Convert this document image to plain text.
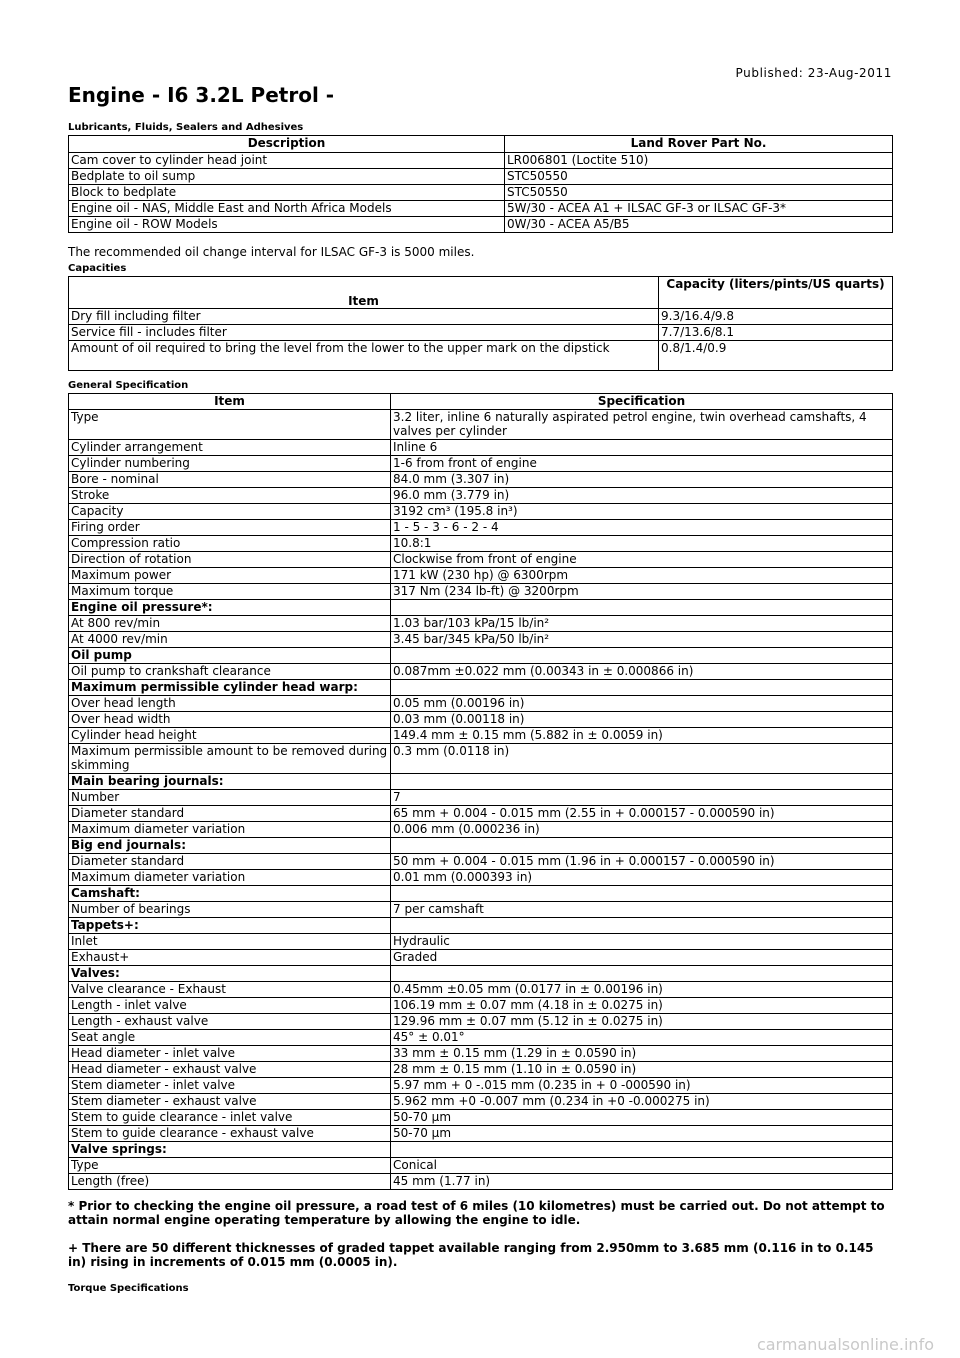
Published: 23-Aug-2011
Engine - I6 3.2L Petrol -
Lubricants, Fluids, Sealers and Adhesives
Description	Land Rover Part No.
Cam cover to cylinder head joint	LR006801 (Loctite 510)
Bedplate to oil sump	STC50550
Block to bedplate	STC50550
Engine oil - NAS, Middle East and North Africa Models	5W/30 - ACEA A1 + ILSAC GF-3 or ILSAC GF-3*
Engine oil - ROW Models	0W/30 - ACEA A5/B5
The recommended oil change interval for ILSAC GF-3 is 5000 miles.
Capacities
Item	Capacity (liters/pints/US quarts)
Dry fill including filter	9.3/16.4/9.8
Service fill - includes filter	7.7/13.6/8.1
Amount of oil required to bring the level from the lower to the upper mark on the dipstick	0.8/1.4/0.9
General Specification
Item	Specification
Type	3.2 liter, inline 6 naturally aspirated petrol engine, twin overhead camshafts, 4 valves per cylinder
Cylinder arrangement	Inline 6
Cylinder numbering	1-6 from front of engine
Bore - nominal	84.0 mm (3.307 in)
Stroke	96.0 mm (3.779 in)
Capacity	3192 cm³ (195.8 in³)
Firing order	1 - 5 - 3 - 6 - 2 - 4
Compression ratio	10.8:1
Direction of rotation	Clockwise from front of engine
Maximum power	171 kW (230 hp) @ 6300rpm
Maximum torque	317 Nm (234 lb-ft) @ 3200rpm
Engine oil pressure*:	
At 800 rev/min	1.03 bar/103 kPa/15 lb/in²
At 4000 rev/min	3.45 bar/345 kPa/50 lb/in²
Oil pump	
Oil pump to crankshaft clearance	0.087mm ±0.022 mm (0.00343 in ± 0.000866 in)
Maximum permissible cylinder head warp:	
Over head length	0.05 mm (0.00196 in)
Over head width	0.03 mm (0.00118 in)
Cylinder head height	149.4 mm ± 0.15 mm (5.882 in ± 0.0059 in)
Maximum permissible amount to be removed during skimming	0.3 mm (0.0118 in)
Main bearing journals:	
Number	7
Diameter standard	65 mm + 0.004 - 0.015 mm (2.55 in + 0.000157 - 0.000590 in)
Maximum diameter variation	0.006 mm (0.000236 in)
Big end journals:	
Diameter standard	50 mm + 0.004 - 0.015 mm (1.96 in + 0.000157 - 0.000590 in)
Maximum diameter variation	0.01 mm (0.000393 in)
Camshaft:	
Number of bearings	7 per camshaft
Tappets+:	
Inlet	Hydraulic
Exhaust+	Graded
Valves:	
Valve clearance - Exhaust	0.45mm ±0.05 mm (0.0177 in ± 0.00196 in)
Length - inlet valve	106.19 mm ± 0.07 mm (4.18 in ± 0.0275 in)
Length - exhaust valve	129.96 mm ± 0.07 mm (5.12 in ± 0.0275 in)
Seat angle	45° ± 0.01°
Head diameter - inlet valve	33 mm ± 0.15 mm (1.29 in ± 0.0590 in)
Head diameter - exhaust valve	28 mm ± 0.15 mm (1.10 in ± 0.0590 in)
Stem diameter - inlet valve	5.97 mm + 0 -.015 mm (0.235 in + 0 -000590 in)
Stem diameter - exhaust valve	5.962 mm +0 -0.007 mm (0.234 in +0 -0.000275 in)
Stem to guide clearance - inlet valve	50-70 µm
Stem to guide clearance - exhaust valve	50-70 µm
Valve springs:	
Type	Conical
Length (free)	45 mm (1.77 in)
* Prior to checking the engine oil pressure, a road test of 6 miles (10 kilometres) must be carried out. Do not attempt to attain normal engine operating temperature by allowing the engine to idle.
+ There are 50 different thicknesses of graded tappet available ranging from 2.950mm to 3.685 mm (0.116 in to 0.145 in) rising in increments of 0.015 mm (0.0005 in).
Torque Specifications
carmanualsonline.info
